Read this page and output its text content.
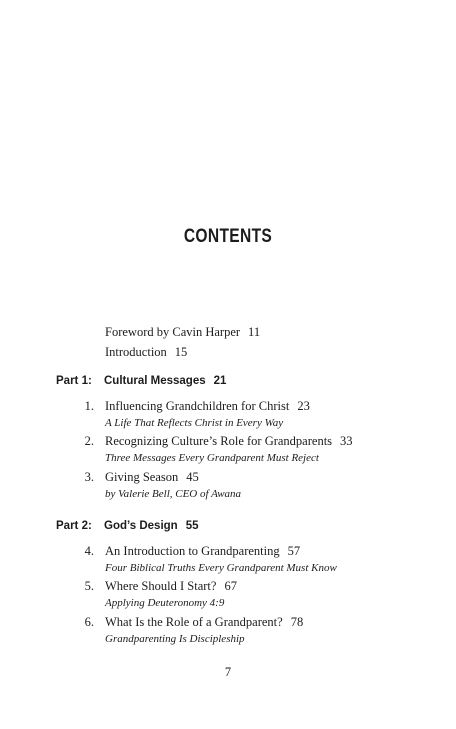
CONTENTS
Foreword by Cavin Harper 11
Introduction 15
Part 1: Cultural Messages 21
1. Influencing Grandchildren for Christ 23
A Life That Reflects Christ in Every Way
2. Recognizing Culture’s Role for Grandparents 33
Three Messages Every Grandparent Must Reject
3. Giving Season 45
by Valerie Bell, CEO of Awana
Part 2: God’s Design 55
4. An Introduction to Grandparenting 57
Four Biblical Truths Every Grandparent Must Know
5. Where Should I Start? 67
Applying Deuteronomy 4:9
6. What Is the Role of a Grandparent? 78
Grandparenting Is Discipleship
7
